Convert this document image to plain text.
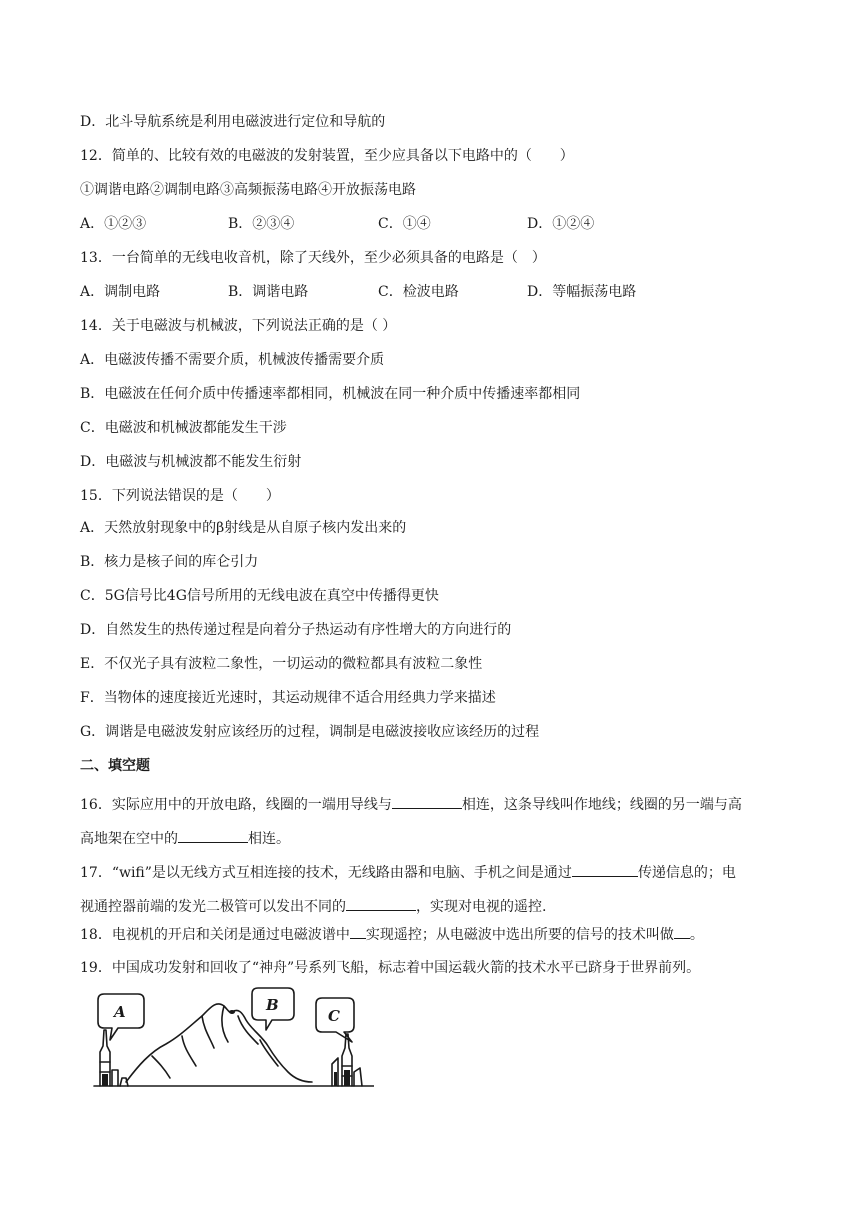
D．北斗导航系统是利用电磁波进行定位和导航的
12．简单的、比较有效的电磁波的发射装置，至少应具备以下电路中的（　　）
①调谐电路②调制电路③高频振荡电路④开放振荡电路
A．①②③	B．②③④	C．①④	D．①②④
13．一台简单的无线电收音机，除了天线外，至少必须具备的电路是（　）
A．调制电路	B．调谐电路	C．检波电路	D．等幅振荡电路
14．关于电磁波与机械波，下列说法正确的是（ ）
A．电磁波传播不需要介质，机械波传播需要介质
B．电磁波在任何介质中传播速率都相同，机械波在同一种介质中传播速率都相同
C．电磁波和机械波都能发生干涉
D．电磁波与机械波都不能发生衍射
15．下列说法错误的是（　　）
A．天然放射现象中的β射线是从自原子核内发出来的
B．核力是核子间的库仑引力
C．5G信号比4G信号所用的无线电波在真空中传播得更快
D．自然发生的热传递过程是向着分子热运动有序性增大的方向进行的
E．不仅光子具有波粒二象性，一切运动的微粒都具有波粒二象性
F．当物体的速度接近光速时，其运动规律不适合用经典力学来描述
G．调谐是电磁波发射应该经历的过程，调制是电磁波接收应该经历的过程
二、填空题
16．实际应用中的开放电路，线圈的一端用导线与	相连，这条导线叫作地线；线圈的另一端与高
高地架在空中的	相连。
17．“wifi”是以无线方式互相连接的技术，无线路由器和电脑、手机之间是通过	传递信息的；电
视通控器前端的发光二极管可以发出不同的	，实现对电视的遥控.
18．电视机的开启和关闭是通过电磁波谱中 实现遥控；从电磁波中选出所要的信号的技术叫做 。
19．中国成功发射和回收了“神舟”号系列飞船，标志着中国运载火箭的技术水平已跻身于世界前列。
A	B
C
